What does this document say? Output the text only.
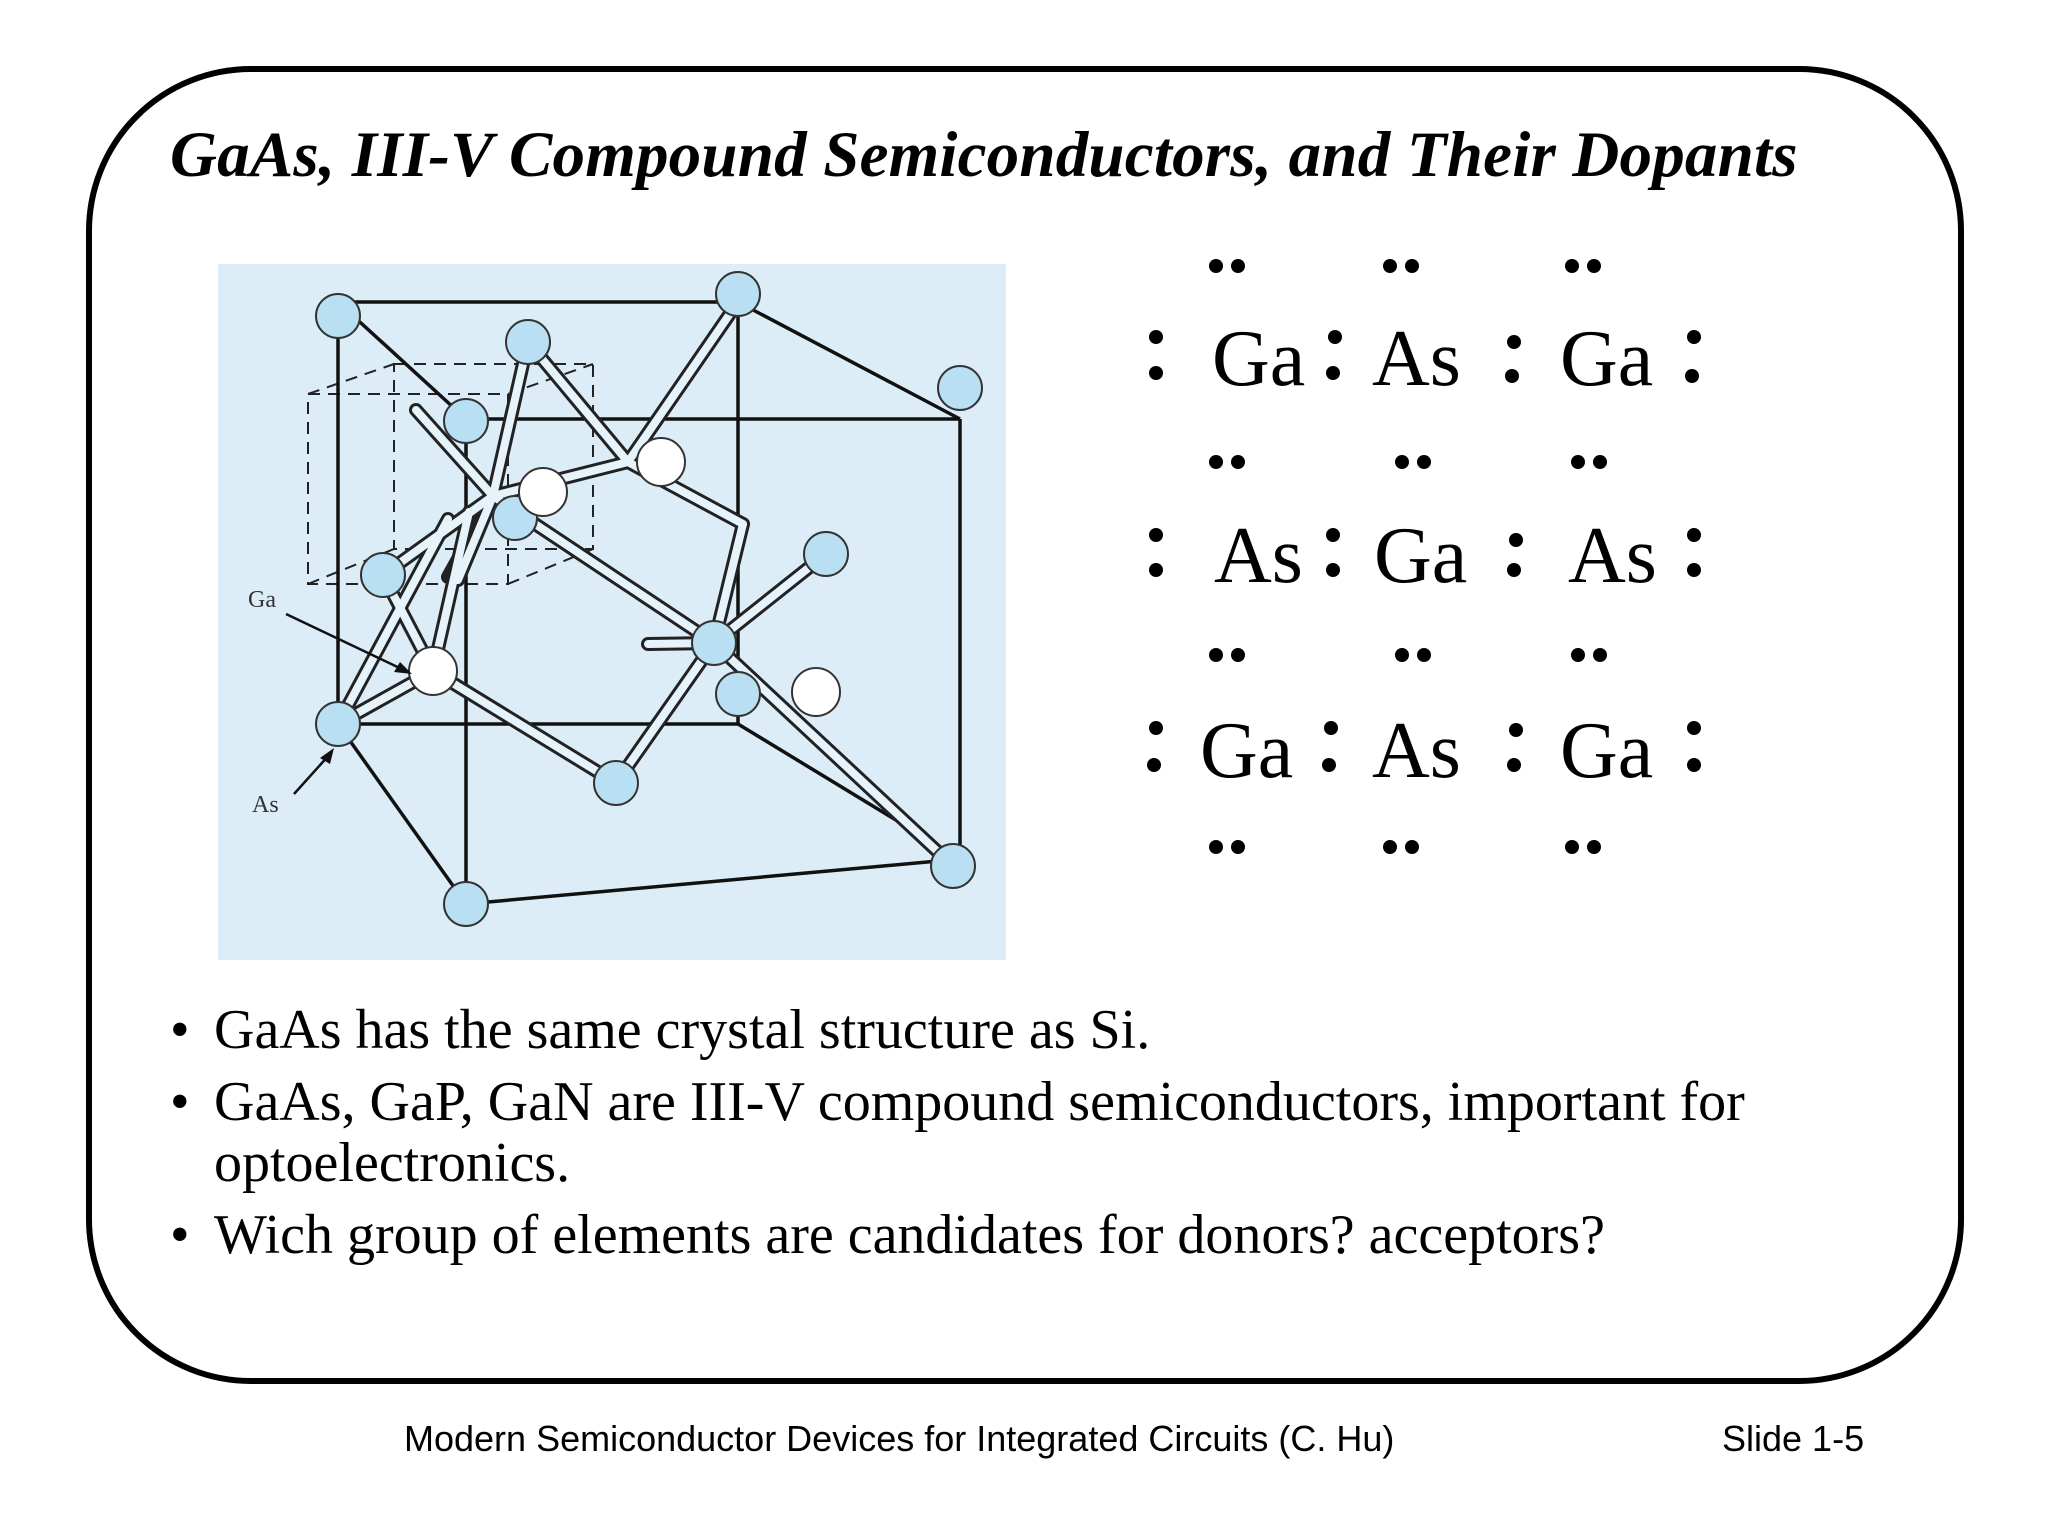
GaAs, III-V Compound Semiconductors, and Their Dopants
Ga
As
Ga As Ga
As Ga As
Ga As Ga
• GaAs has the same crystal structure as Si.
• GaAs, GaP, GaN are III-V compound semiconductors, important for optoelectronics.
• Wich group of elements are candidates for donors? acceptors?
Modern Semiconductor Devices for Integrated Circuits (C. Hu)	Slide 1-5
